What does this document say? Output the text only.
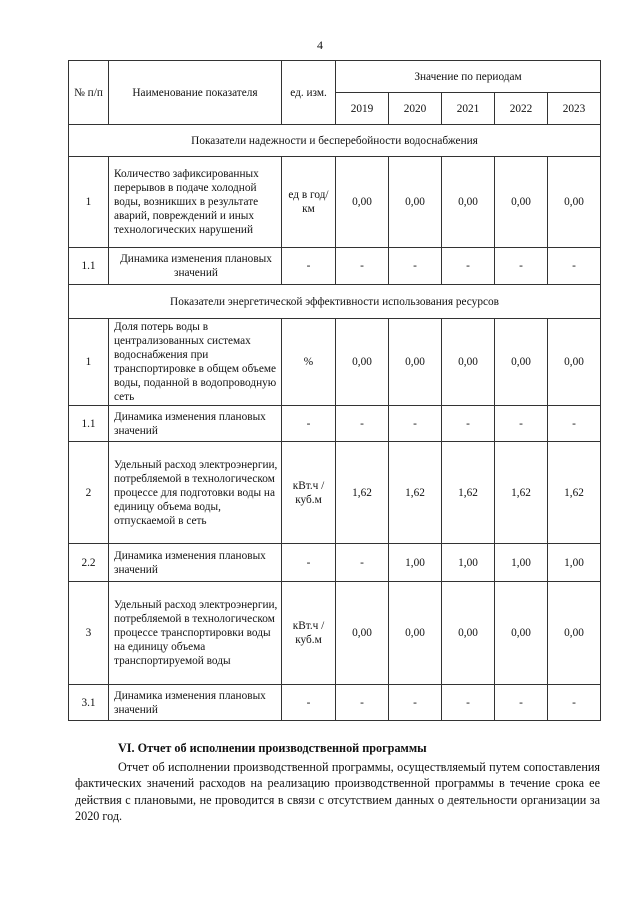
4
№ п/п	Наименование показателя	ед. изм.	Значение по периодам				
			2019	2020	2021	2022	2023
Показатели надежности и бесперебойности водоснабжения							
1	Количество зафиксированных перерывов в подаче холодной воды, возникших в результате аварий, повреждений и иных технологических нарушений	ед в год/ км	0,00	0,00	0,00	0,00	0,00
1.1	Динамика изменения плановых значений	-	-	-	-	-	-
Показатели энергетической эффективности использования ресурсов							
1	Доля потерь воды в централизованных системах водоснабжения при транспортировке в общем объеме воды, поданной в водопроводную сеть	%	0,00	0,00	0,00	0,00	0,00
1.1	Динамика изменения плановых значений	-	-	-	-	-	-
2	Удельный расход электроэнергии, потребляемой в технологическом процессе для подготовки воды на единицу объема воды, отпускаемой в сеть	кВт.ч / куб.м	1,62	1,62	1,62	1,62	1,62
2.2	Динамика изменения плановых значений	-	-	1,00	1,00	1,00	1,00
3	Удельный расход электроэнергии, потребляемой в технологическом процессе транспортировки воды на единицу объема транспортируемой воды	кВт.ч / куб.м	0,00	0,00	0,00	0,00	0,00
3.1	Динамика изменения плановых значений	-	-	-	-	-	-
VI. Отчет об исполнении производственной программы

Отчет об исполнении производственной программы, осуществляемый путем сопоставления фактических значений расходов на реализацию производственной программы в течение срока ее действия с плановыми, не проводится в связи с отсутствием данных о деятельности организации за 2020 год.
